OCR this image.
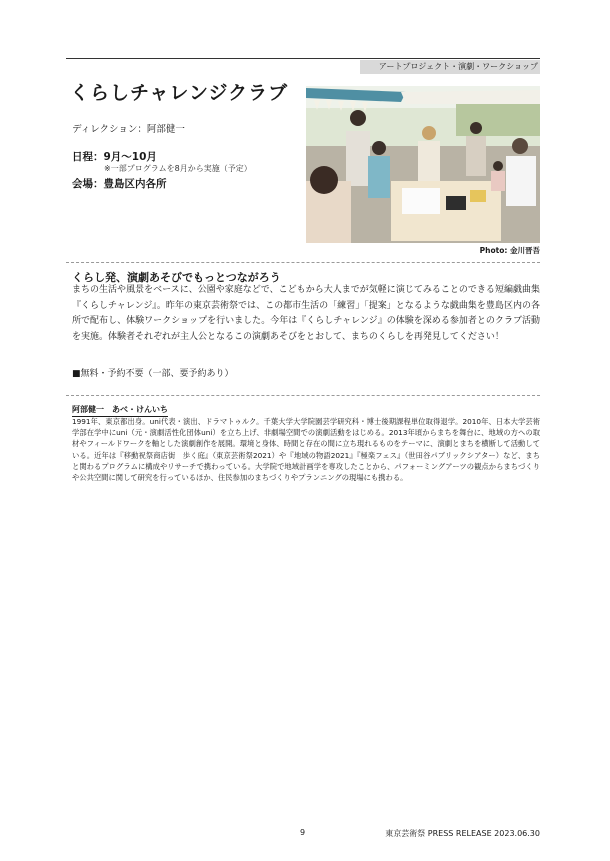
アートプロジェクト・演劇・ワークショップ
くらしチャレンジクラブ
ディレクション：阿部健一
日程：9月〜10月
※一部プログラムを8月から実施（予定）
会場：豊島区内各所
Photo: 金川晋吾
くらし発、演劇あそびでもっとつながろう
まちの生活や風景をベースに、公園や家庭などで、こどもから大人までが気軽に演じてみることのできる短編戯曲集『くらしチャレンジ』。昨年の東京芸術祭では、この都市生活の「練習」「提案」となるような戯曲集を豊島区内の各所で配布し、体験ワークショップを行いました。今年は『くらしチャレンジ』の体験を深める参加者とのクラブ活動を実施。体験者それぞれが主人公となるこの演劇あそびをとおして、まちのくらしを再発見してください！
■無料・予約不要（一部、要予約あり）
阿部健一　あべ・けんいち
1991年、東京都出身。uni代表・演出、ドラマトゥルク。千葉大学大学院園芸学研究科・博士後期課程単位取得退学。2010年、日本大学芸術学部在学中にuni（元・演劇活性化団体uni）を立ち上げ、非劇場空間での演劇活動をはじめる。2013年頃からまちを舞台に、地域の方への取材やフィールドワークを軸とした演劇創作を展開。環境と身体、時間と存在の間に立ち現れるものをテーマに、演劇とまちを横断して活動している。近年は『移動祝祭商店街　歩く庭』（東京芸術祭2021）や『地域の物語2021』『極楽フェス』（世田谷パブリックシアター）など、まちと関わるプログラムに構成やリサーチで携わっている。大学院で地域計画学を専攻したことから、パフォーミングアーツの観点からまちづくりや公共空間に関して研究を行っているほか、住民参加のまちづくりやプランニングの現場にも携わる。
9	東京芸術祭 PRESS RELEASE 2023.06.30
